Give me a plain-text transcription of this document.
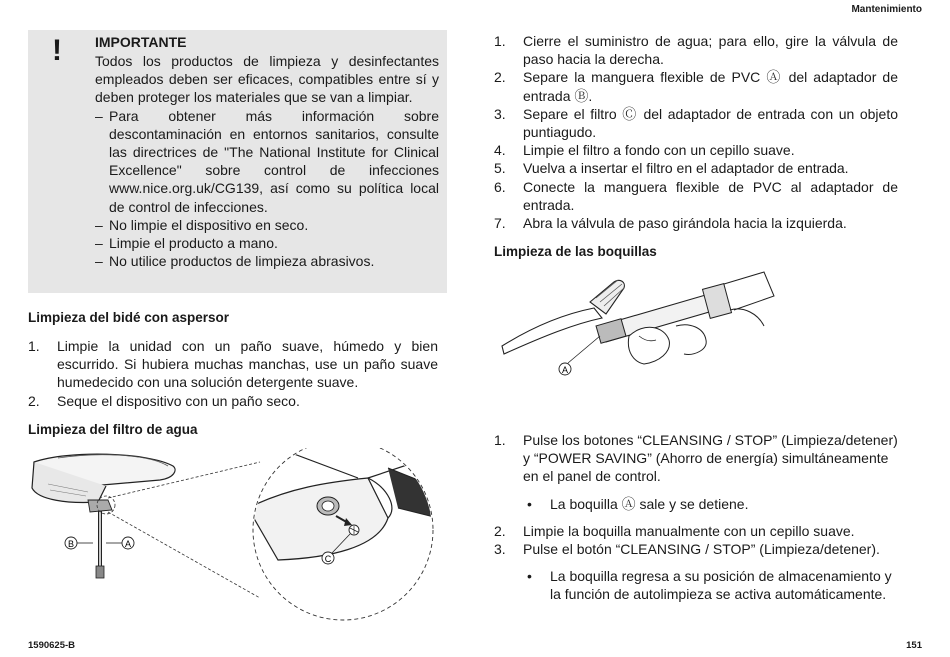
Mantenimiento
1590625-B	151
! IMPORTANTE
Todos los productos de limpieza y desinfectantes empleados deben ser eficaces, compatibles entre sí y deben proteger los materiales que se van a limpiar.
– Para obtener más información sobre descontaminación en entornos sanitarios, consulte las directrices de "The National Institute for Clinical Excellence" sobre control de infecciones www.nice.org.uk/CG139, así como su política local de control de infecciones.
– No limpie el dispositivo en seco.
– Limpie el producto a mano.
– No utilice productos de limpieza abrasivos.
Limpieza del bidé con aspersor
1. Limpie la unidad con un paño suave, húmedo y bien escurrido. Si hubiera muchas manchas, use un paño suave humedecido con una solución detergente suave.
2. Seque el dispositivo con un paño seco.
Limpieza del filtro de agua
B	A
C
1. Cierre el suministro de agua; para ello, gire la válvula de paso hacia la derecha.
2. Separe la manguera flexible de PVC Ⓐ del adaptador de entrada Ⓑ.
3. Separe el filtro Ⓒ del adaptador de entrada con un objeto puntiagudo.
4. Limpie el filtro a fondo con un cepillo suave.
5. Vuelva a insertar el filtro en el adaptador de entrada.
6. Conecte la manguera flexible de PVC al adaptador de entrada.
7. Abra la válvula de paso girándola hacia la izquierda.
Limpieza de las boquillas
A
1. Pulse los botones “CLEANSING / STOP” (Limpieza/detener) y “POWER SAVING” (Ahorro de energía) simultáneamente en el panel de control.
• La boquilla Ⓐ sale y se detiene.
2. Limpie la boquilla manualmente con un cepillo suave.
3. Pulse el botón “CLEANSING / STOP” (Limpieza/detener).
• La boquilla regresa a su posición de almacenamiento y la función de autolimpieza se activa automáticamente.
